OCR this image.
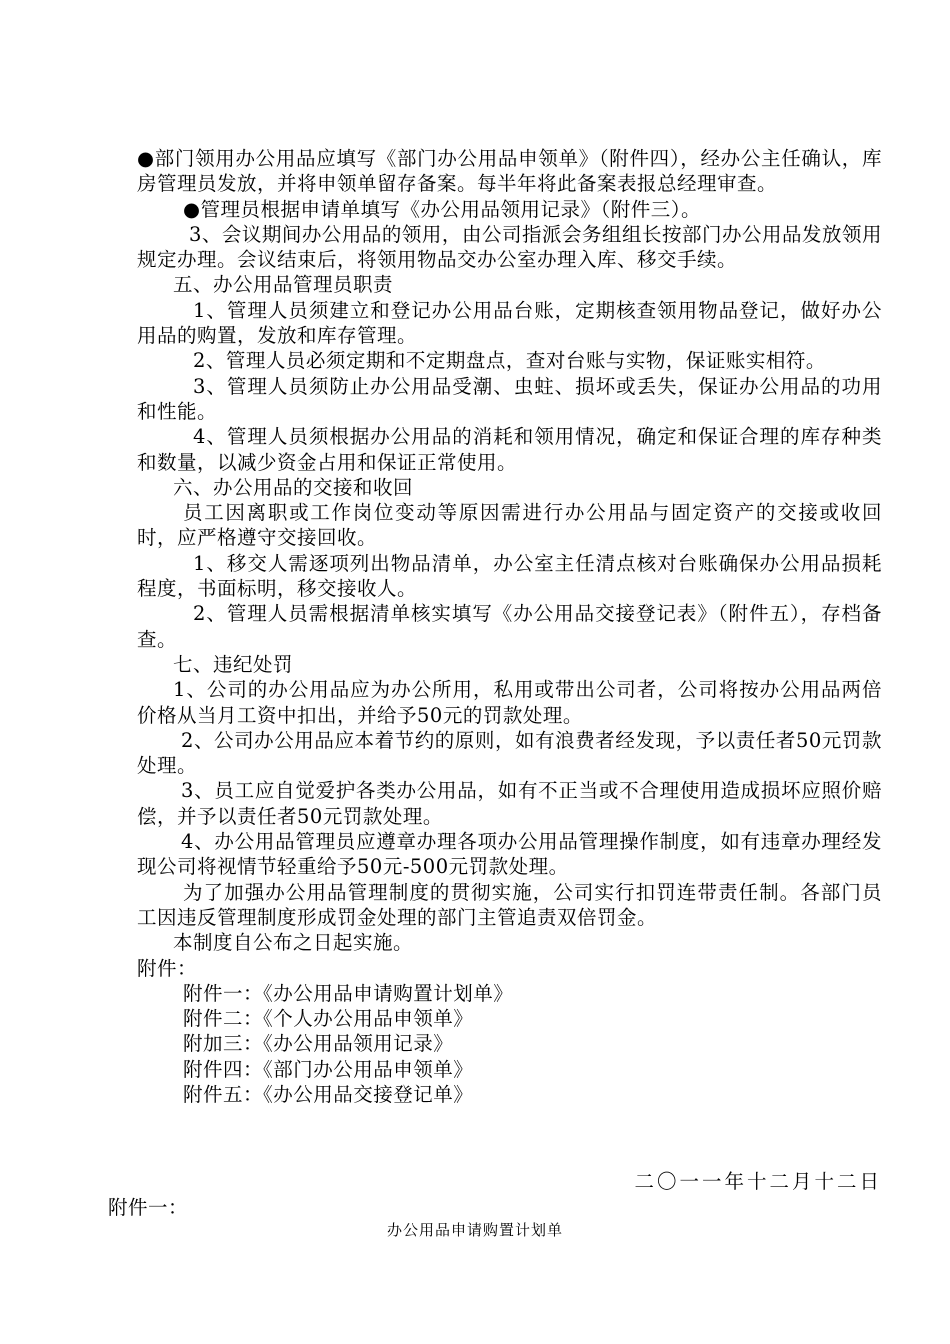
●部门领用办公用品应填写《部门办公用品申领单》（附件四），经办公主任确认，库房管理员发放，并将申领单留存备案。每半年将此备案表报总经理审查。

●管理员根据申请单填写《办公用品领用记录》（附件三）。

3、会议期间办公用品的领用，由公司指派会务组组长按部门办公用品发放领用规定办理。会议结束后，将领用物品交办公室办理入库、移交手续。

五、办公用品管理员职责

1、管理人员须建立和登记办公用品台账，定期核查领用物品登记，做好办公用品的购置，发放和库存管理。

2、管理人员必须定期和不定期盘点，查对台账与实物，保证账实相符。

3、管理人员须防止办公用品受潮、虫蛀、损坏或丢失，保证办公用品的功用和性能。

4、管理人员须根据办公用品的消耗和领用情况，确定和保证合理的库存种类和数量，以减少资金占用和保证正常使用。

六、办公用品的交接和收回

员工因离职或工作岗位变动等原因需进行办公用品与固定资产的交接或收回时，应严格遵守交接回收。

1、移交人需逐项列出物品清单，办公室主任清点核对台账确保办公用品损耗程度，书面标明，移交接收人。

2、管理人员需根据清单核实填写《办公用品交接登记表》（附件五），存档备查。

七、违纪处罚

1、公司的办公用品应为办公所用，私用或带出公司者，公司将按办公用品两倍价格从当月工资中扣出，并给予50元的罚款处理。

2、公司办公用品应本着节约的原则，如有浪费者经发现，予以责任者50元罚款处理。

3、员工应自觉爱护各类办公用品，如有不正当或不合理使用造成损坏应照价赔偿，并予以责任者50元罚款处理。

4、办公用品管理员应遵章办理各项办公用品管理操作制度，如有违章办理经发现公司将视情节轻重给予50元-500元罚款处理。

为了加强办公用品管理制度的贯彻实施，公司实行扣罚连带责任制。各部门员工因违反管理制度形成罚金处理的部门主管追责双倍罚金。

本制度自公布之日起实施。

附件：

附件一：《办公用品申请购置计划单》

附件二：《个人办公用品申领单》

附加三：《办公用品领用记录》

附件四：《部门办公用品申领单》

附件五：《办公用品交接登记单》

二〇一一年十二月十二日
附件一：
办公用品申请购置计划单
